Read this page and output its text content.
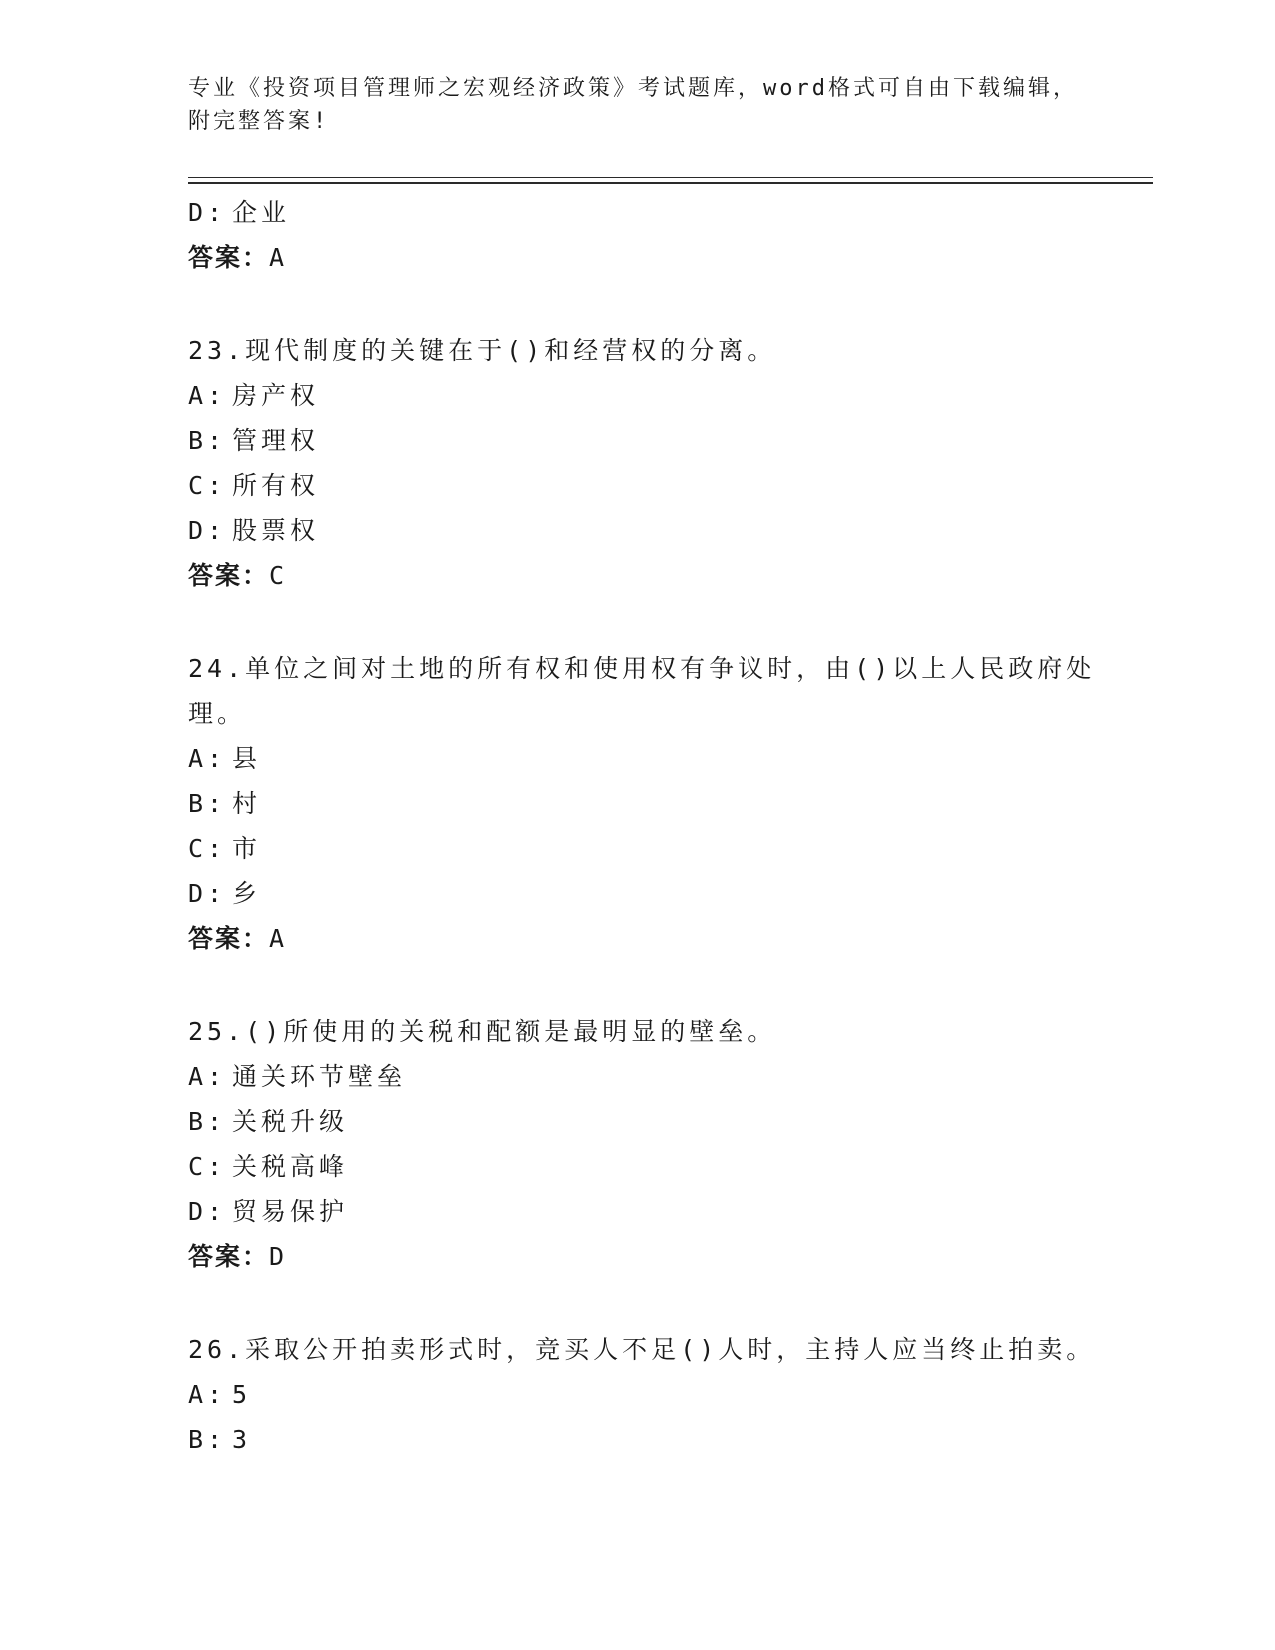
专业《投资项目管理师之宏观经济政策》考试题库，word格式可自由下载编辑，
附完整答案!
D: 企业
答案：A
23.现代制度的关键在于()和经营权的分离。
A: 房产权
B: 管理权
C: 所有权
D: 股票权
答案：C
24.单位之间对土地的所有权和使用权有争议时，由()以上人民政府处
理。
A: 县
B: 村
C: 市
D: 乡
答案：A
25.()所使用的关税和配额是最明显的壁垒。
A: 通关环节壁垒
B: 关税升级
C: 关税高峰
D: 贸易保护
答案：D
26.采取公开拍卖形式时，竞买人不足()人时，主持人应当终止拍卖。
A: 5
B: 3
